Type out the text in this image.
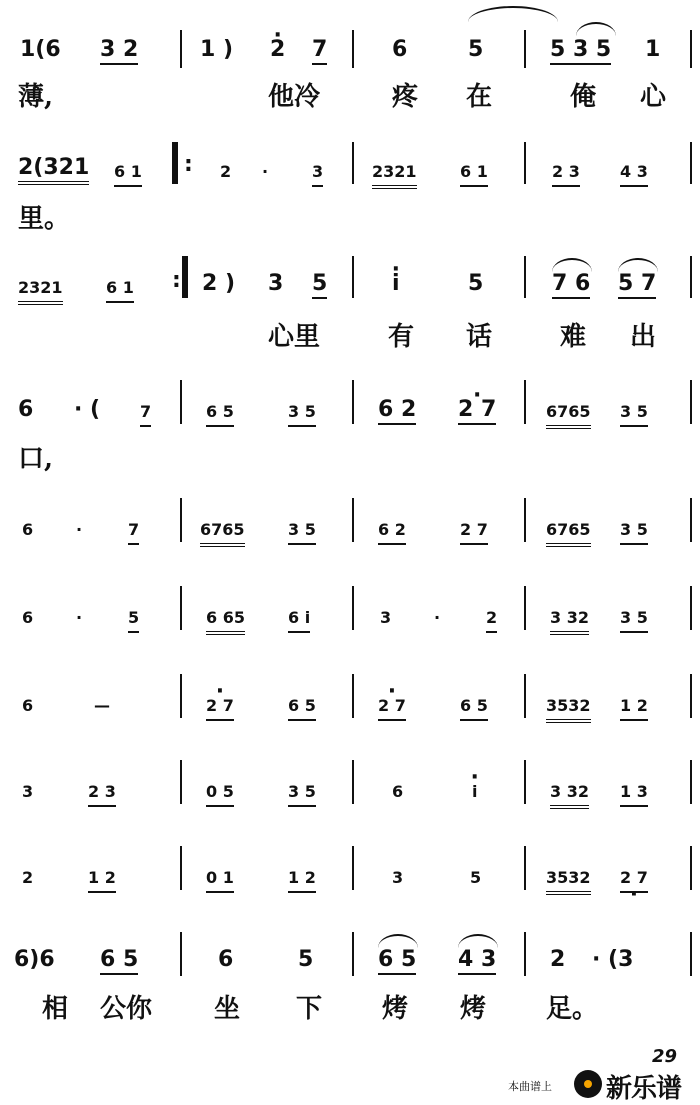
1(6 3 2	1 ) · 2 7	6	5	5 3 5 1
薄,	他冷	疼 在	俺 心
2(321 6 1 : 2 ·	3	2321	6 1	2 3	4 3
里。
2321	6 1 : 2 ) 3 5	· i	5	7 6 5 7
心里	有 话	难 出
6 · ( 7	6 5	3 5	6 2 · 2 7	6765 3 5
口,
6	·	7	6765	3 5	6 2	2 7	6765 3 5
6	·	5	6 65	6 i	3	·	2	3 32 3 5
6	—	· 2 7	6 5	· 2 7	6 5	3532 1 2
3	2 3	0 5	3 5	6	· i	3 32 1 3
2	1 2	0 1	1 2	3	5	3532 2 7 ·
6)6 6 5	6	5	6 5 4 3 2 · (3
相 公你 坐 下 烤 烤 足。
29
本曲谱上 新乐谱
